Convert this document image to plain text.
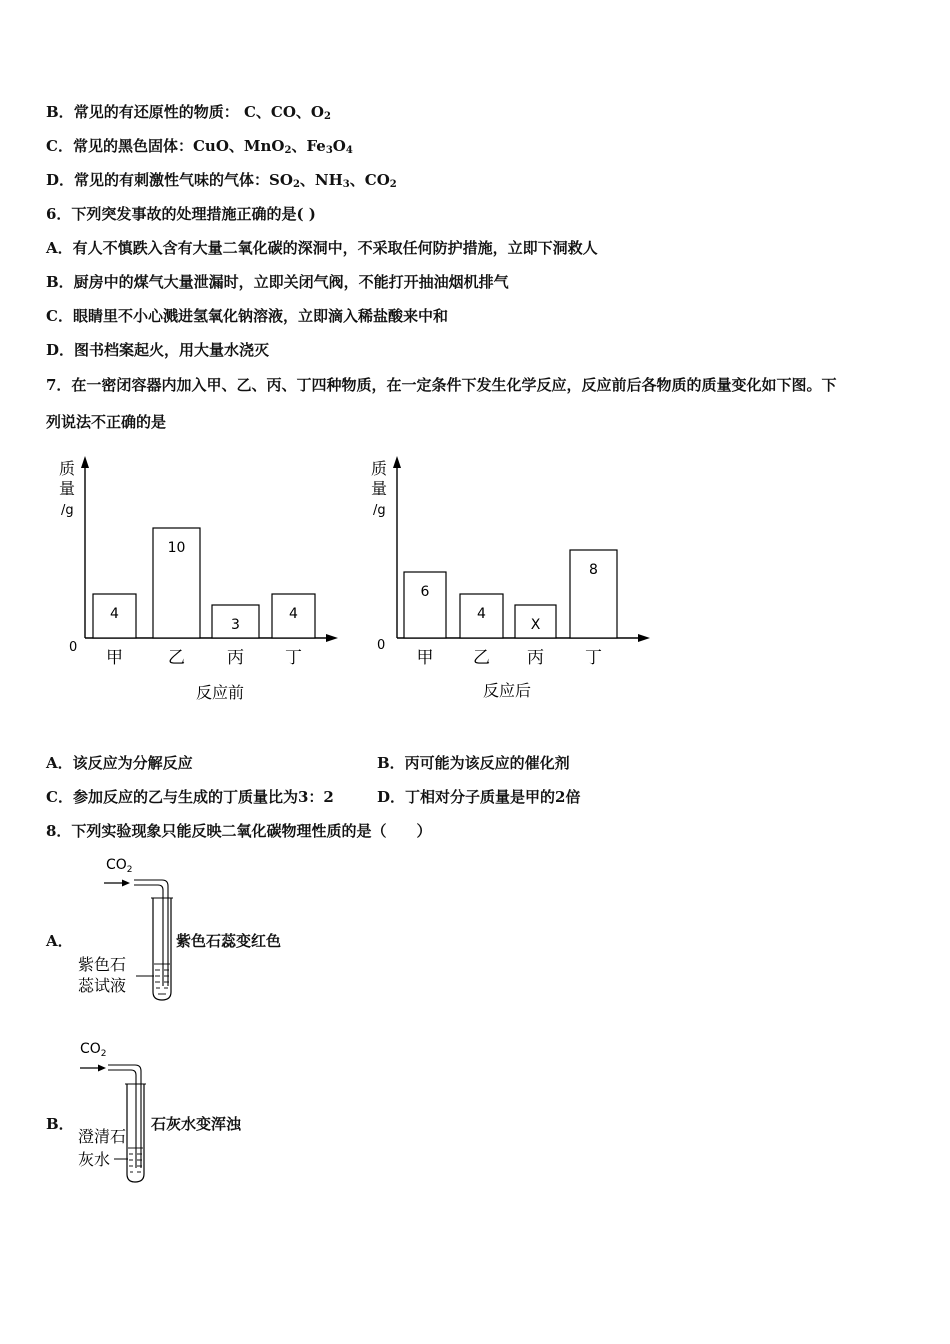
B．常见的有还原性的物质： C、CO、$O_2$
C．常见的黑色固体：CuO、MnO$_2$、$Fe_3O_4$
D．常见的有刺激性气味的气体：$SO_2$、$NH_3$、$CO_2$
6．下列突发事故的处理措施正确的是( )
A．有人不慎跌入含有大量二氧化碳的深洞中，不采取任何防护措施，立即下洞救人
B．厨房中的煤气大量泄漏时，立即关闭气阀，不能打开抽油烟机排气
C．眼睛里不小心溅进氢氧化钠溶液，立即滴入稀盐酸来中和
D．图书档案起火，用大量水浇灭
7．在一密闭容器内加入甲、乙、丙、丁四种物质，在一定条件下发生化学反应，反应前后各物质的质量变化如下图。下
列说法不正确的是
质
量
/g
0
4
甲
10
乙
3
丙
4
丁
反应前
质
量
/g
0
6
甲
4
乙
X
丙
8
丁
反应后
A．该反应为分解反应	B．丙可能为该反应的催化剂
C．参加反应的乙与生成的丁质量比为3：2	D．丁相对分子质量是甲的2倍
8．下列实验现象只能反映二氧化碳物理性质的是（　　）
A．
$CO_2$
紫色石
蕊试液
紫色石蕊变红色
B．
$CO_2$
澄清石
灰水
石灰水变浑浊
